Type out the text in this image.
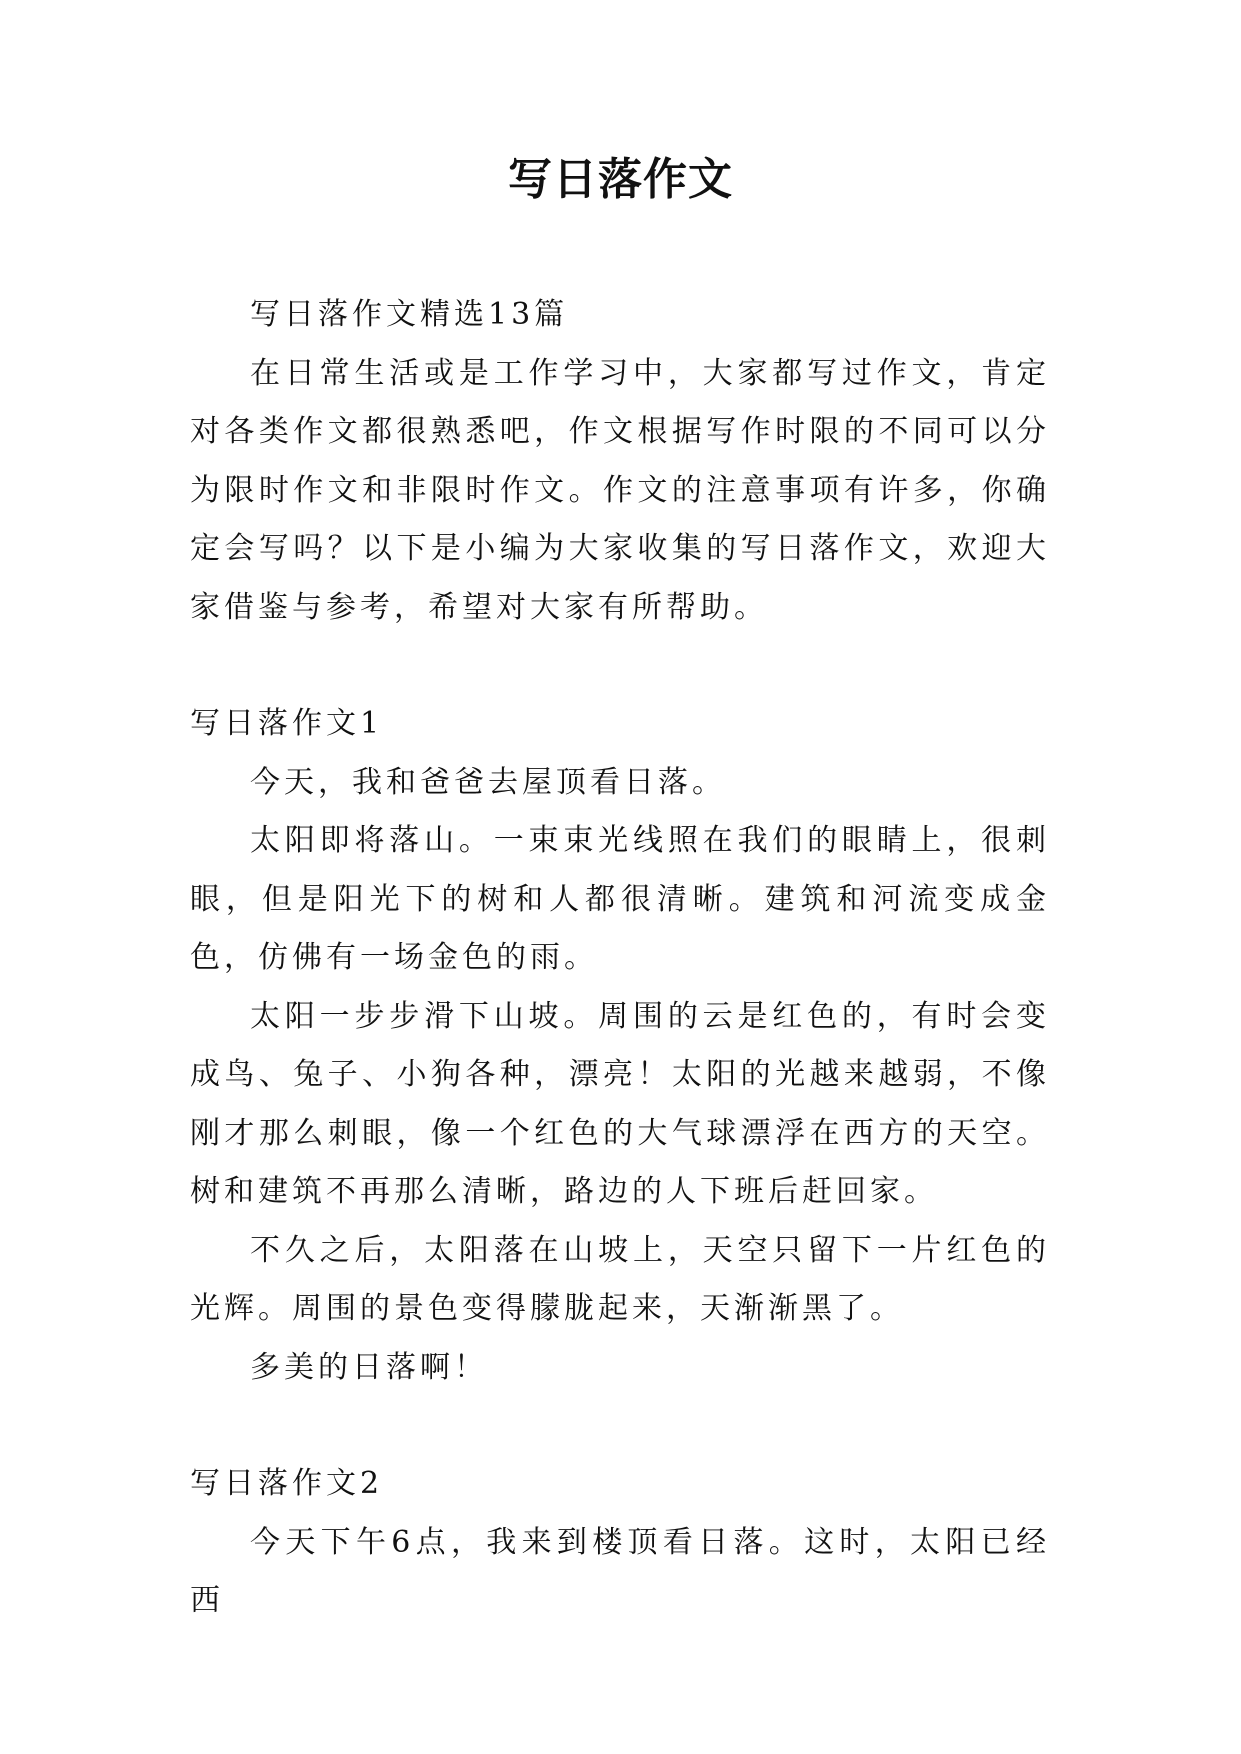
写日落作文

写日落作文精选13篇

在日常生活或是工作学习中，大家都写过作文，肯定对各类作文都很熟悉吧，作文根据写作时限的不同可以分为限时作文和非限时作文。作文的注意事项有许多，你确定会写吗？以下是小编为大家收集的写日落作文，欢迎大家借鉴与参考，希望对大家有所帮助。

写日落作文1

今天，我和爸爸去屋顶看日落。

太阳即将落山。一束束光线照在我们的眼睛上，很刺眼，但是阳光下的树和人都很清晰。建筑和河流变成金色，仿佛有一场金色的雨。

太阳一步步滑下山坡。周围的云是红色的，有时会变成鸟、兔子、小狗各种，漂亮！太阳的光越来越弱，不像刚才那么刺眼，像一个红色的大气球漂浮在西方的天空。树和建筑不再那么清晰，路边的人下班后赶回家。

不久之后，太阳落在山坡上，天空只留下一片红色的光辉。周围的景色变得朦胧起来，天渐渐黑了。

多美的日落啊！

写日落作文2

今天下午6点，我来到楼顶看日落。这时，太阳已经西
